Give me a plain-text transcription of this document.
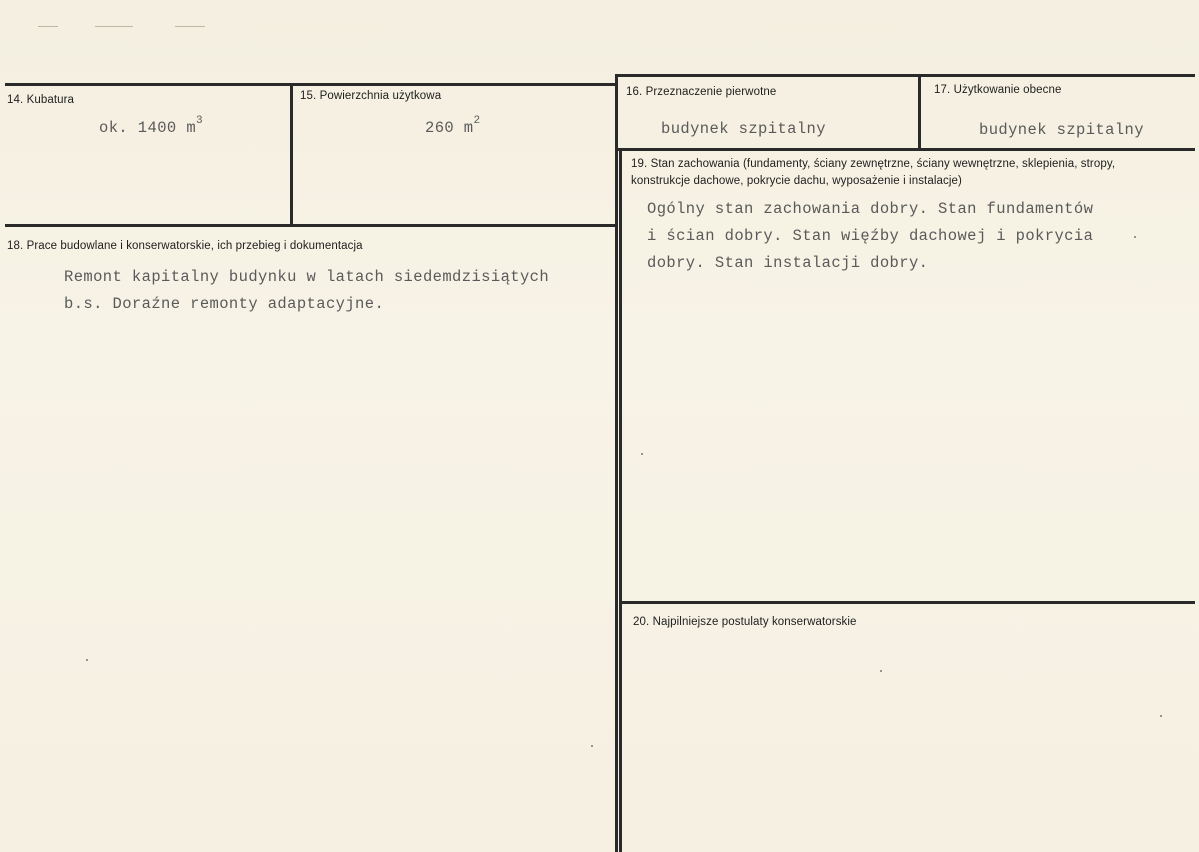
14. Kubatura
ok. 1400 $m^3$
15. Powierzchnia użytkowa
260 $m^2$
16. Przeznaczenie pierwotne
budynek szpitalny
17. Użytkowanie obecne
budynek szpitalny
18. Prace budowlane i konserwatorskie, ich przebieg i dokumentacja
Remont kapitalny budynku w latach siedemdzisiątych
b.s. Doraźne remonty adaptacyjne.
19. Stan zachowania (fundamenty, ściany zewnętrzne, ściany wewnętrzne, sklepienia, stropy, konstrukcje dachowe, pokrycie dachu, wyposażenie i instalacje)
Ogólny stan zachowania dobry. Stan fundamentów
i ścian dobry. Stan więźby dachowej i pokrycia
dobry. Stan instalacji dobry.
20. Najpilniejsze postulaty konserwatorskie
